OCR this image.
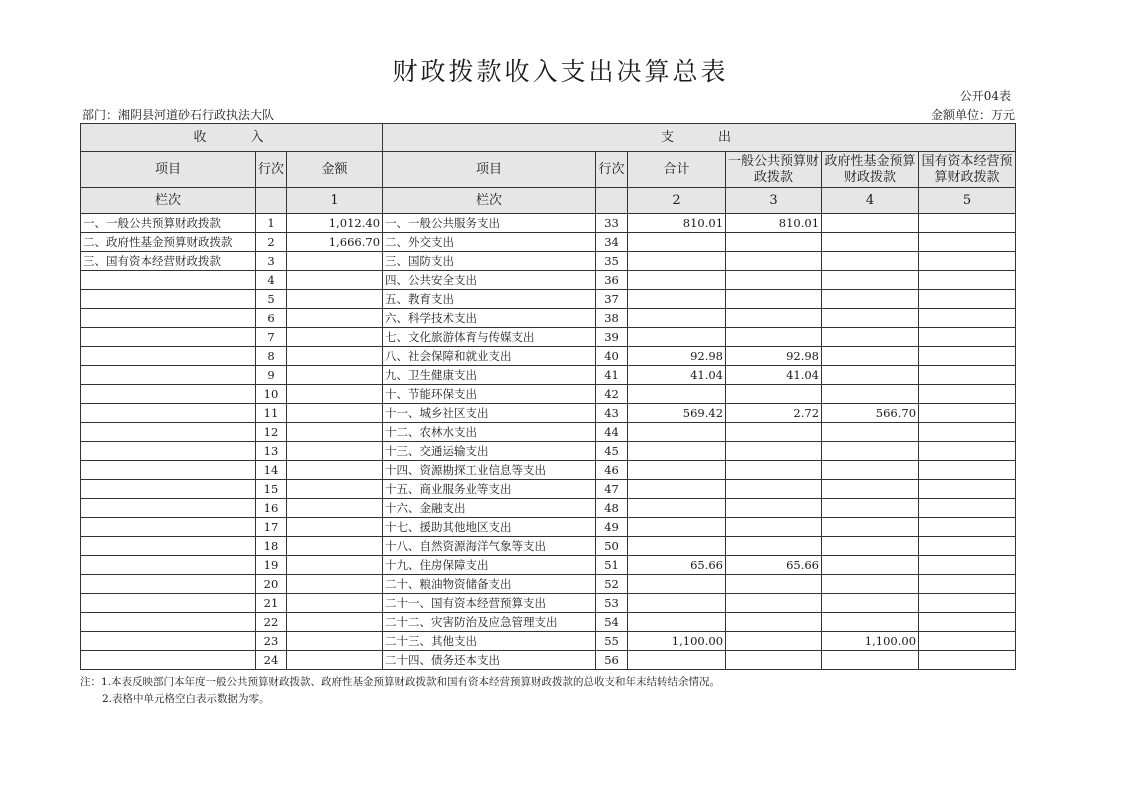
财政拨款收入支出决算总表
公开04表
部门：湘阴县河道砂石行政执法大队	金额单位：万元
收　　入			支　　出					
项目	行次	金额	项目	行次	合计	一般公共预算财政拨款	政府性基金预算财政拨款	国有资本经营预算财政拨款
栏次		1	栏次		2	3	4	5
一、一般公共预算财政拨款	1	1,012.40	一、一般公共服务支出	33	810.01	810.01		
二、政府性基金预算财政拨款	2	1,666.70	二、外交支出	34				
三、国有资本经营财政拨款	3		三、国防支出	35				
	4		四、公共安全支出	36				
	5		五、教育支出	37				
	6		六、科学技术支出	38				
	7		七、文化旅游体育与传媒支出	39				
	8		八、社会保障和就业支出	40	92.98	92.98		
	9		九、卫生健康支出	41	41.04	41.04		
	10		十、节能环保支出	42				
	11		十一、城乡社区支出	43	569.42	2.72	566.70	
	12		十二、农林水支出	44				
	13		十三、交通运输支出	45				
	14		十四、资源勘探工业信息等支出	46				
	15		十五、商业服务业等支出	47				
	16		十六、金融支出	48				
	17		十七、援助其他地区支出	49				
	18		十八、自然资源海洋气象等支出	50				
	19		十九、住房保障支出	51	65.66	65.66		
	20		二十、粮油物资储备支出	52				
	21		二十一、国有资本经营预算支出	53				
	22		二十二、灾害防治及应急管理支出	54				
	23		二十三、其他支出	55	1,100.00		1,100.00	
	24		二十四、债务还本支出	56				
注：1.本表反映部门本年度一般公共预算财政拨款、政府性基金预算财政拨款和国有资本经营预算财政拨款的总收支和年末结转结余情况。
2.表格中单元格空白表示数据为零。
